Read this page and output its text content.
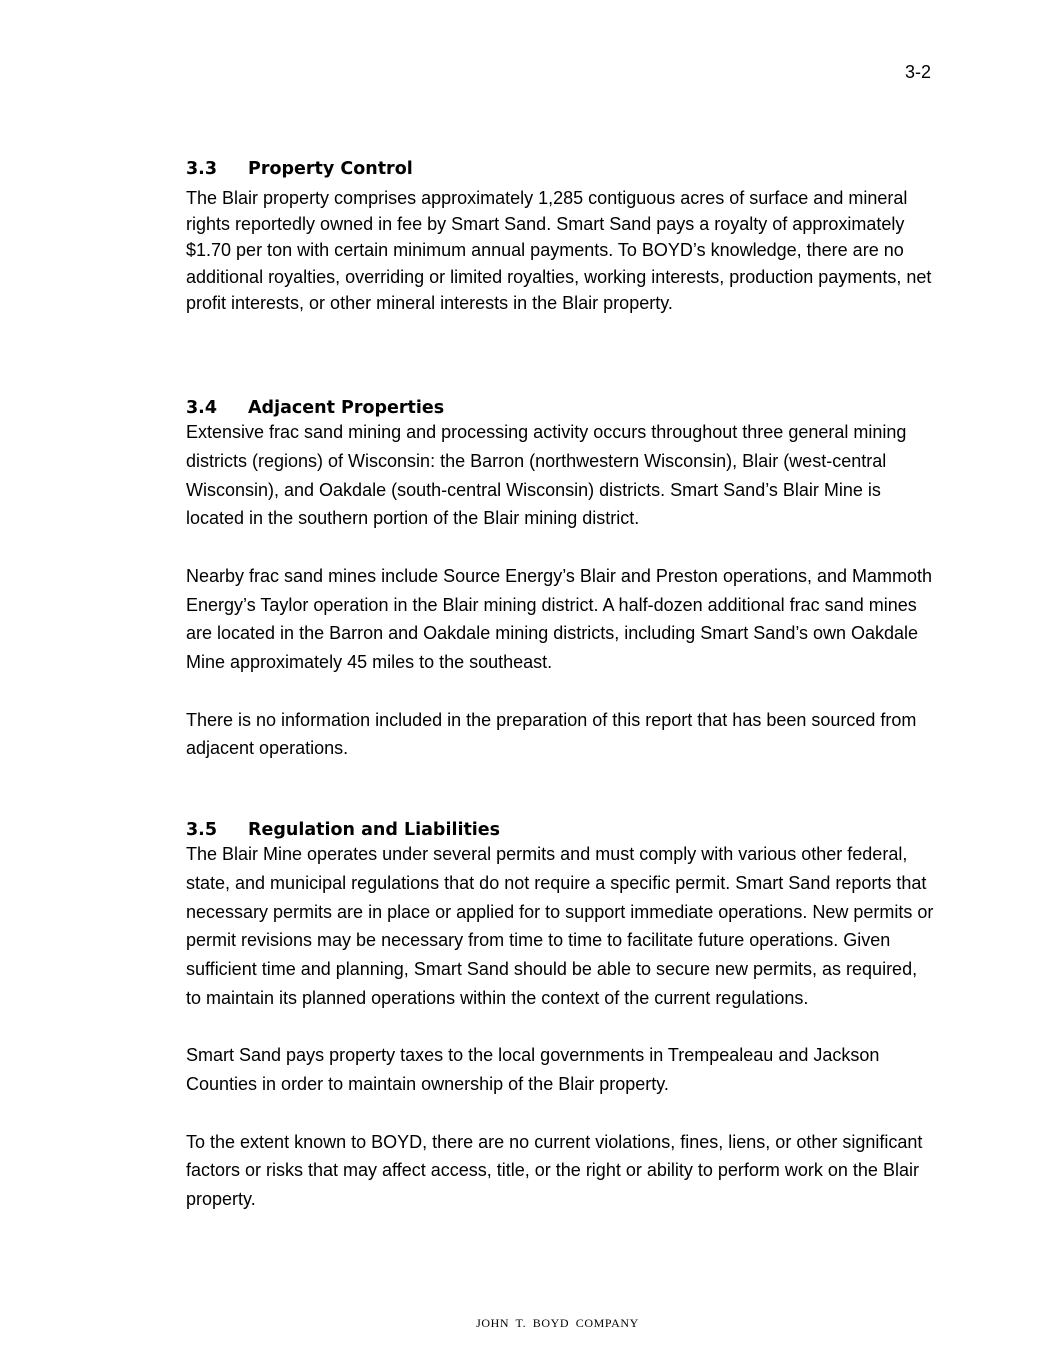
3-2
3.3 Property Control

The Blair property comprises approximately 1,285 contiguous acres of surface and mineral rights reportedly owned in fee by Smart Sand. Smart Sand pays a royalty of approximately $1.70 per ton with certain minimum annual payments. To BOYD’s knowledge, there are no additional royalties, overriding or limited royalties, working interests, production payments, net profit interests, or other mineral interests in the Blair property.

3.4 Adjacent Properties

Extensive frac sand mining and processing activity occurs throughout three general mining districts (regions) of Wisconsin: the Barron (northwestern Wisconsin), Blair (west-central Wisconsin), and Oakdale (south-central Wisconsin) districts. Smart Sand’s Blair Mine is located in the southern portion of the Blair mining district.

Nearby frac sand mines include Source Energy’s Blair and Preston operations, and Mammoth Energy’s Taylor operation in the Blair mining district. A half-dozen additional frac sand mines are located in the Barron and Oakdale mining districts, including Smart Sand’s own Oakdale Mine approximately 45 miles to the southeast.

There is no information included in the preparation of this report that has been sourced from adjacent operations.

3.5 Regulation and Liabilities

The Blair Mine operates under several permits and must comply with various other federal, state, and municipal regulations that do not require a specific permit. Smart Sand reports that necessary permits are in place or applied for to support immediate operations. New permits or permit revisions may be necessary from time to time to facilitate future operations. Given sufficient time and planning, Smart Sand should be able to secure new permits, as required, to maintain its planned operations within the context of the current regulations.

Smart Sand pays property taxes to the local governments in Trempealeau and Jackson Counties in order to maintain ownership of the Blair property.

To the extent known to BOYD, there are no current violations, fines, liens, or other significant factors or risks that may affect access, title, or the right or ability to perform work on the Blair property.

JOHN T. BOYD COMPANY
